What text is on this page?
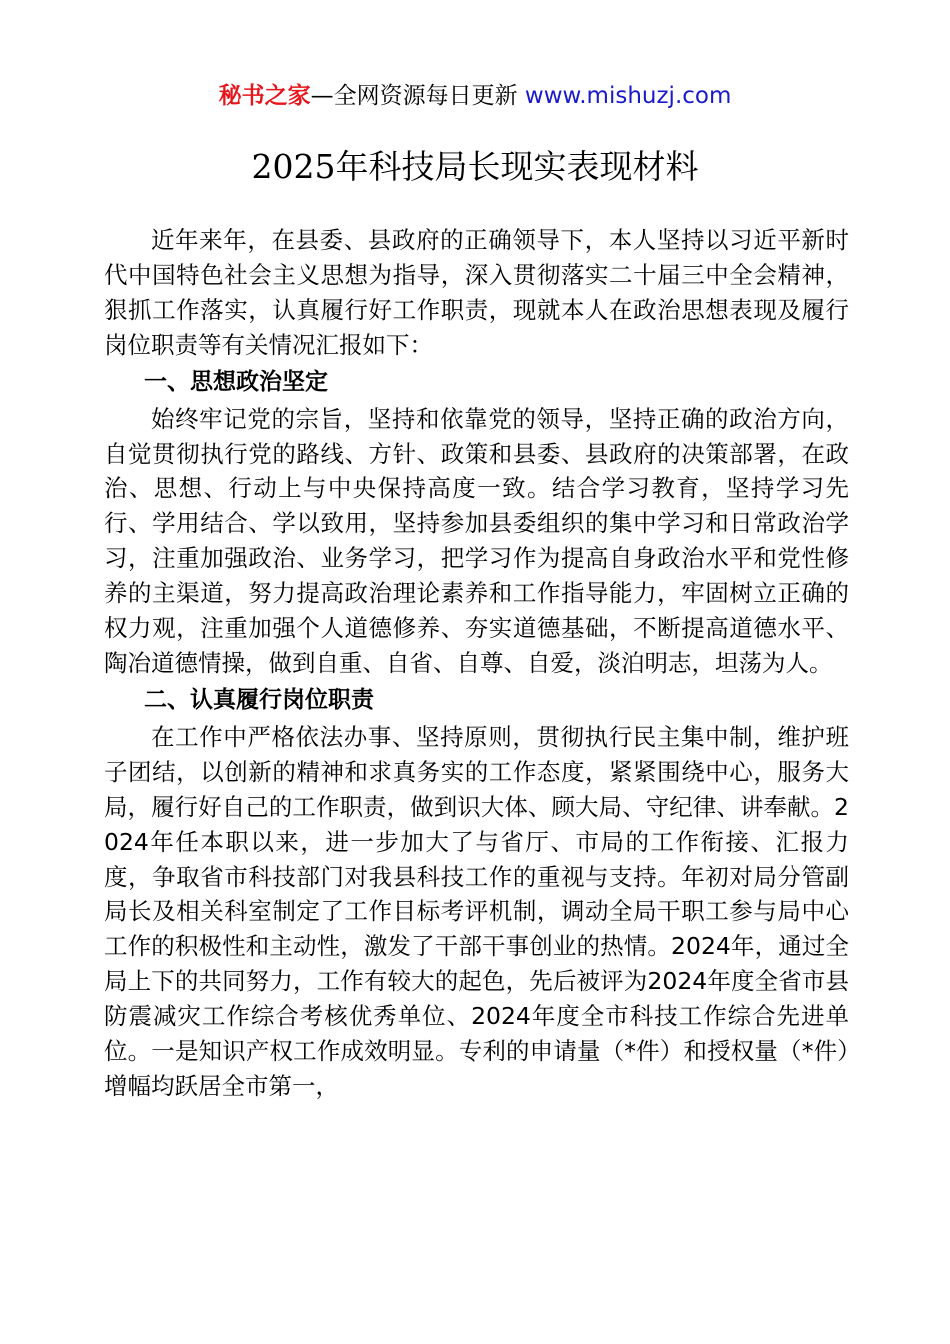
秘书之家—全网资源每日更新 www.mishuzj.com
2025年科技局长现实表现材料

近年来年，在县委、县政府的正确领导下，本人坚持以习近平新时代中国特色社会主义思想为指导，深入贯彻落实二十届三中全会精神，狠抓工作落实，认真履行好工作职责，现就本人在政治思想表现及履行岗位职责等有关情况汇报如下：

一、思想政治坚定

始终牢记党的宗旨，坚持和依靠党的领导，坚持正确的政治方向，自觉贯彻执行党的路线、方针、政策和县委、县政府的决策部署，在政治、思想、行动上与中央保持高度一致。结合学习教育，坚持学习先行、学用结合、学以致用，坚持参加县委组织的集中学习和日常政治学习，注重加强政治、业务学习，把学习作为提高自身政治水平和党性修养的主渠道，努力提高政治理论素养和工作指导能力，牢固树立正确的权力观，注重加强个人道德修养、夯实道德基础，不断提高道德水平、陶冶道德情操，做到自重、自省、自尊、自爱，淡泊明志，坦荡为人。

二、认真履行岗位职责

在工作中严格依法办事、坚持原则，贯彻执行民主集中制，维护班子团结，以创新的精神和求真务实的工作态度，紧紧围绕中心，服务大局，履行好自己的工作职责，做到识大体、顾大局、守纪律、讲奉献。2024年任本职以来，进一步加大了与省厅、市局的工作衔接、汇报力度，争取省市科技部门对我县科技工作的重视与支持。年初对局分管副局长及相关科室制定了工作目标考评机制，调动全局干职工参与局中心工作的积极性和主动性，激发了干部干事创业的热情。2024年，通过全局上下的共同努力，工作有较大的起色，先后被评为2024年度全省市县防震减灾工作综合考核优秀单位、2024年度全市科技工作综合先进单位。一是知识产权工作成效明显。专利的申请量（*件）和授权量（*件）增幅均跃居全市第一，
